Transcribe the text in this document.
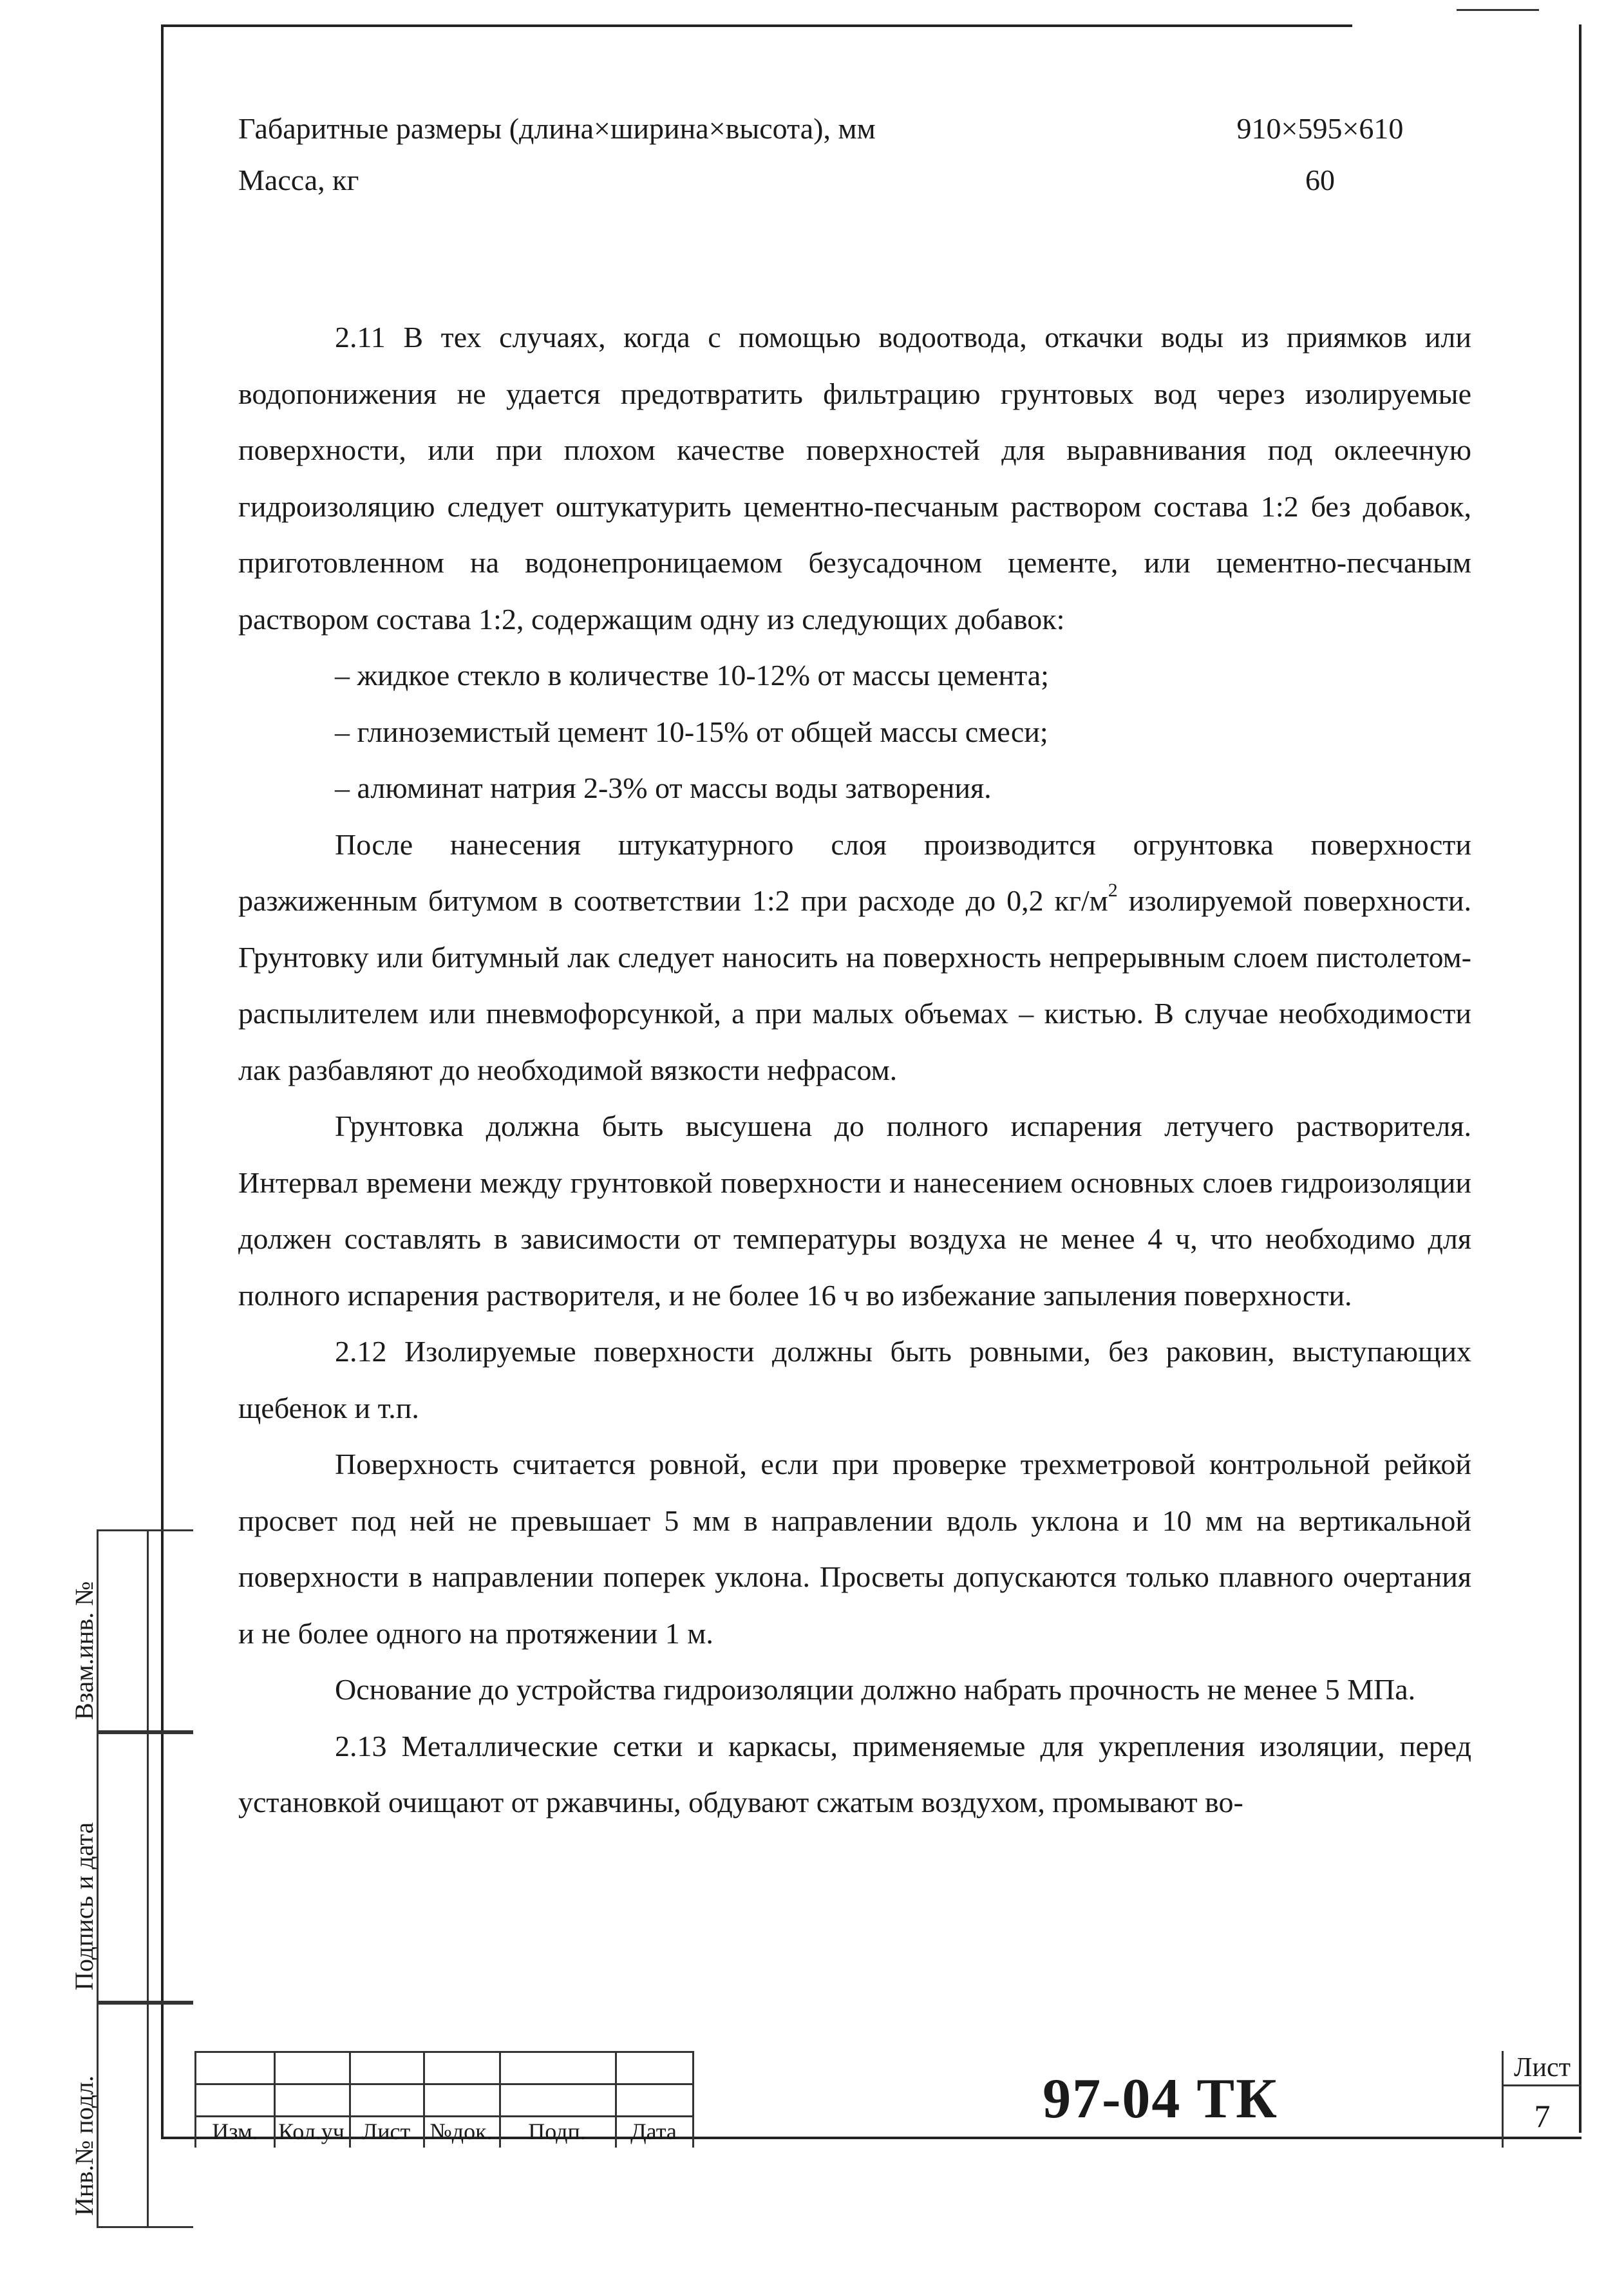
Габаритные размеры (длина×ширина×высота), мм	910×595×610
Масса, кг	60

2.11 В тех случаях, когда с помощью водоотвода, откачки воды из приямков или водопонижения не удается предотвратить фильтрацию грунтовых вод через изолируемые поверхности, или при плохом качестве поверхностей для выравнивания под оклеечную гидроизоляцию следует оштукатурить цементно-песчаным раствором состава 1:2 без добавок, приготовленном на водонепроницаемом безусадочном цементе, или цементно-песчаным раствором состава 1:2, содержащим одну из следующих добавок:

– жидкое стекло в количестве 10-12% от массы цемента;

– глиноземистый цемент 10-15% от общей массы смеси;

– алюминат натрия 2-3% от массы воды затворения.

После нанесения штукатурного слоя производится огрунтовка поверхности разжиженным битумом в соответствии 1:2 при расходе до 0,2 $кг/м^2$ изолируемой поверхности. Грунтовку или битумный лак следует наносить на поверхность непрерывным слоем пистолетом-распылителем или пневмофорсункой, а при малых объемах – кистью. В случае необходимости лак разбавляют до необходимой вязкости нефрасом.

Грунтовка должна быть высушена до полного испарения летучего растворителя. Интервал времени между грунтовкой поверхности и нанесением основных слоев гидроизоляции должен составлять в зависимости от температуры воздуха не менее 4 ч, что необходимо для полного испарения растворителя, и не более 16 ч во избежание запыления поверхности.

2.12 Изолируемые поверхности должны быть ровными, без раковин, выступающих щебенок и т.п.

Поверхность считается ровной, если при проверке трехметровой контрольной рейкой просвет под ней не превышает 5 мм в направлении вдоль уклона и 10 мм на вертикальной поверхности в направлении поперек уклона. Просветы допускаются только плавного очертания и не более одного на протяжении 1 м.

Основание до устройства гидроизоляции должно набрать прочность не менее 5 МПа.

2.13 Металлические сетки и каркасы, применяемые для укрепления изоляции, перед установкой очищают от ржавчины, обдувают сжатым воздухом, промывают во-

Взам.инв. №
Подпись и дата
Инв.№ подл.	Изм. Кол.уч Лист №док.	Подп.	Дата
97-04 ТК	Лист
7
